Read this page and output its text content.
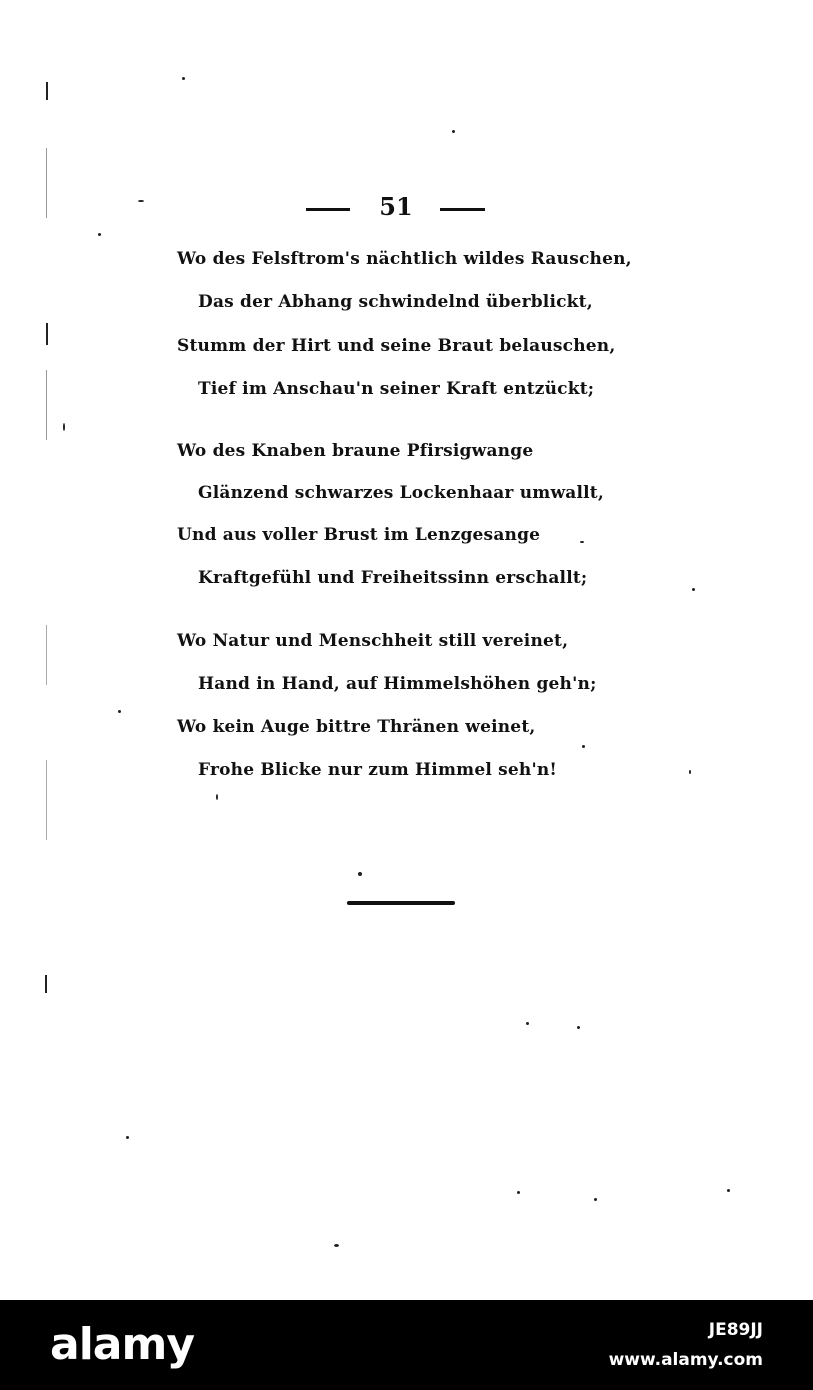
51
Wo des Felsftrom's nächtlich wildes Rauschen,
Das der Abhang schwindelnd überblickt,
Stumm der Hirt und seine Braut belauschen,
Tief im Anschau'n seiner Kraft entzückt;
Wo des Knaben braune Pfirsigwange
Glänzend schwarzes Lockenhaar umwallt,
Und aus voller Brust im Lenzgesange
Kraftgefühl und Freiheitssinn erschallt;
Wo Natur und Menschheit still vereinet,
Hand in Hand, auf Himmelshöhen geh'n;
Wo kein Auge bittre Thränen weinet,
Frohe Blicke nur zum Himmel seh'n!
alamy	JE89JJ
www.alamy.com
